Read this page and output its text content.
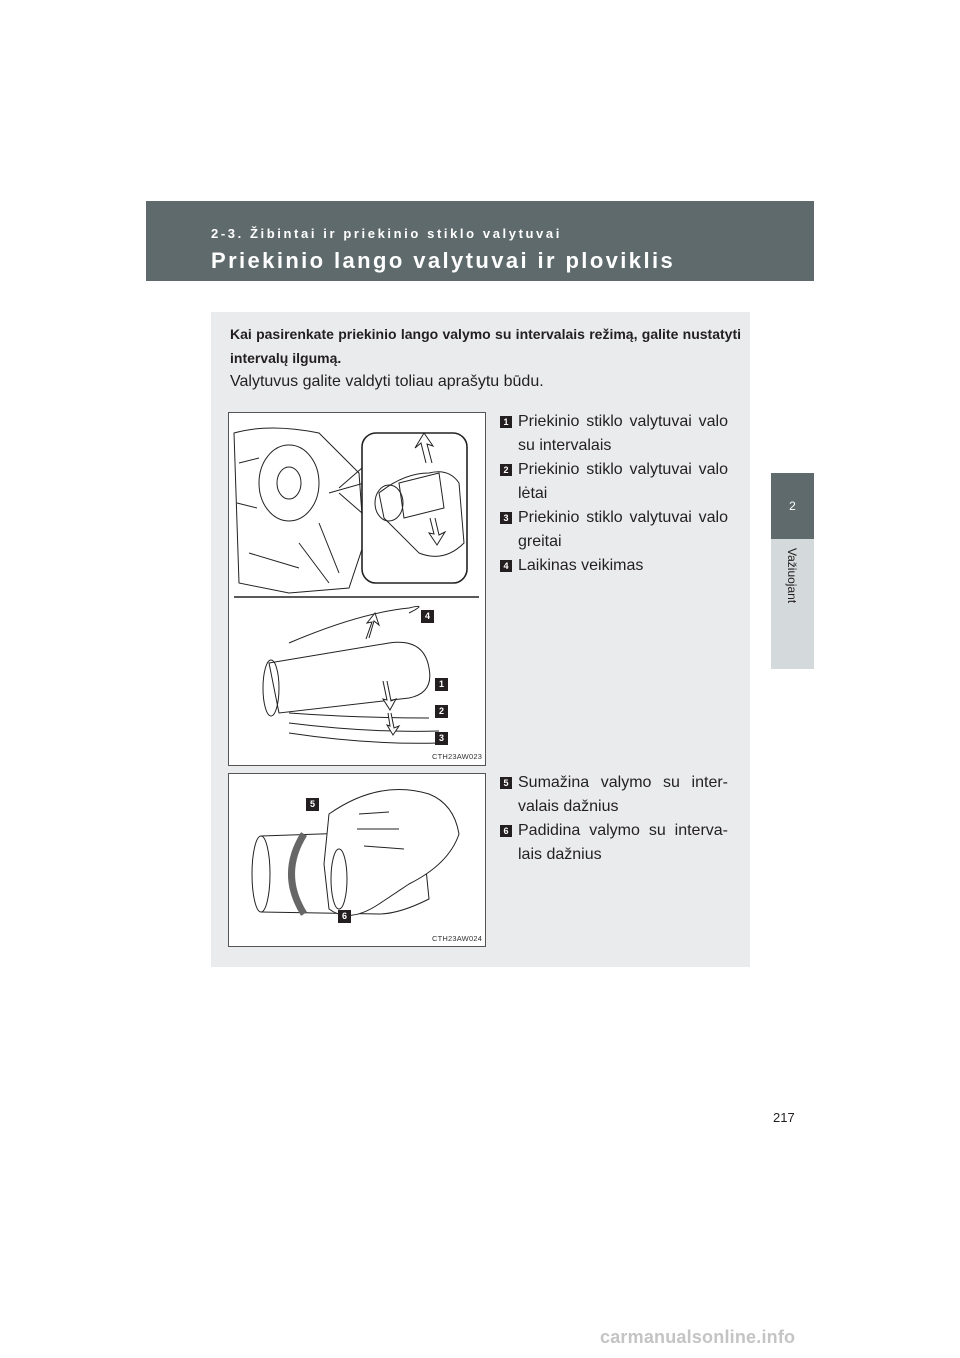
2-3. Žibintai ir priekinio stiklo valytuvai
Priekinio lango valytuvai ir ploviklis
2
Važiuojant
Kai pasirenkate priekinio lango valymo su intervalais režimą, galite nustatyti intervalų ilgumą.
Valytuvus galite valdyti toliau aprašytu būdu.
4
1
2
3
CTH23AW023
5
6
CTH23AW024
1 Priekinio stiklo valytuvai valo su intervalais
2 Priekinio stiklo valytuvai valo lėtai
3 Priekinio stiklo valytuvai valo greitai
4 Laikinas veikimas
5 Sumažina valymo su inter-valais dažnius
6 Padidina valymo su interva-lais dažnius
217
carmanualsonline.info
